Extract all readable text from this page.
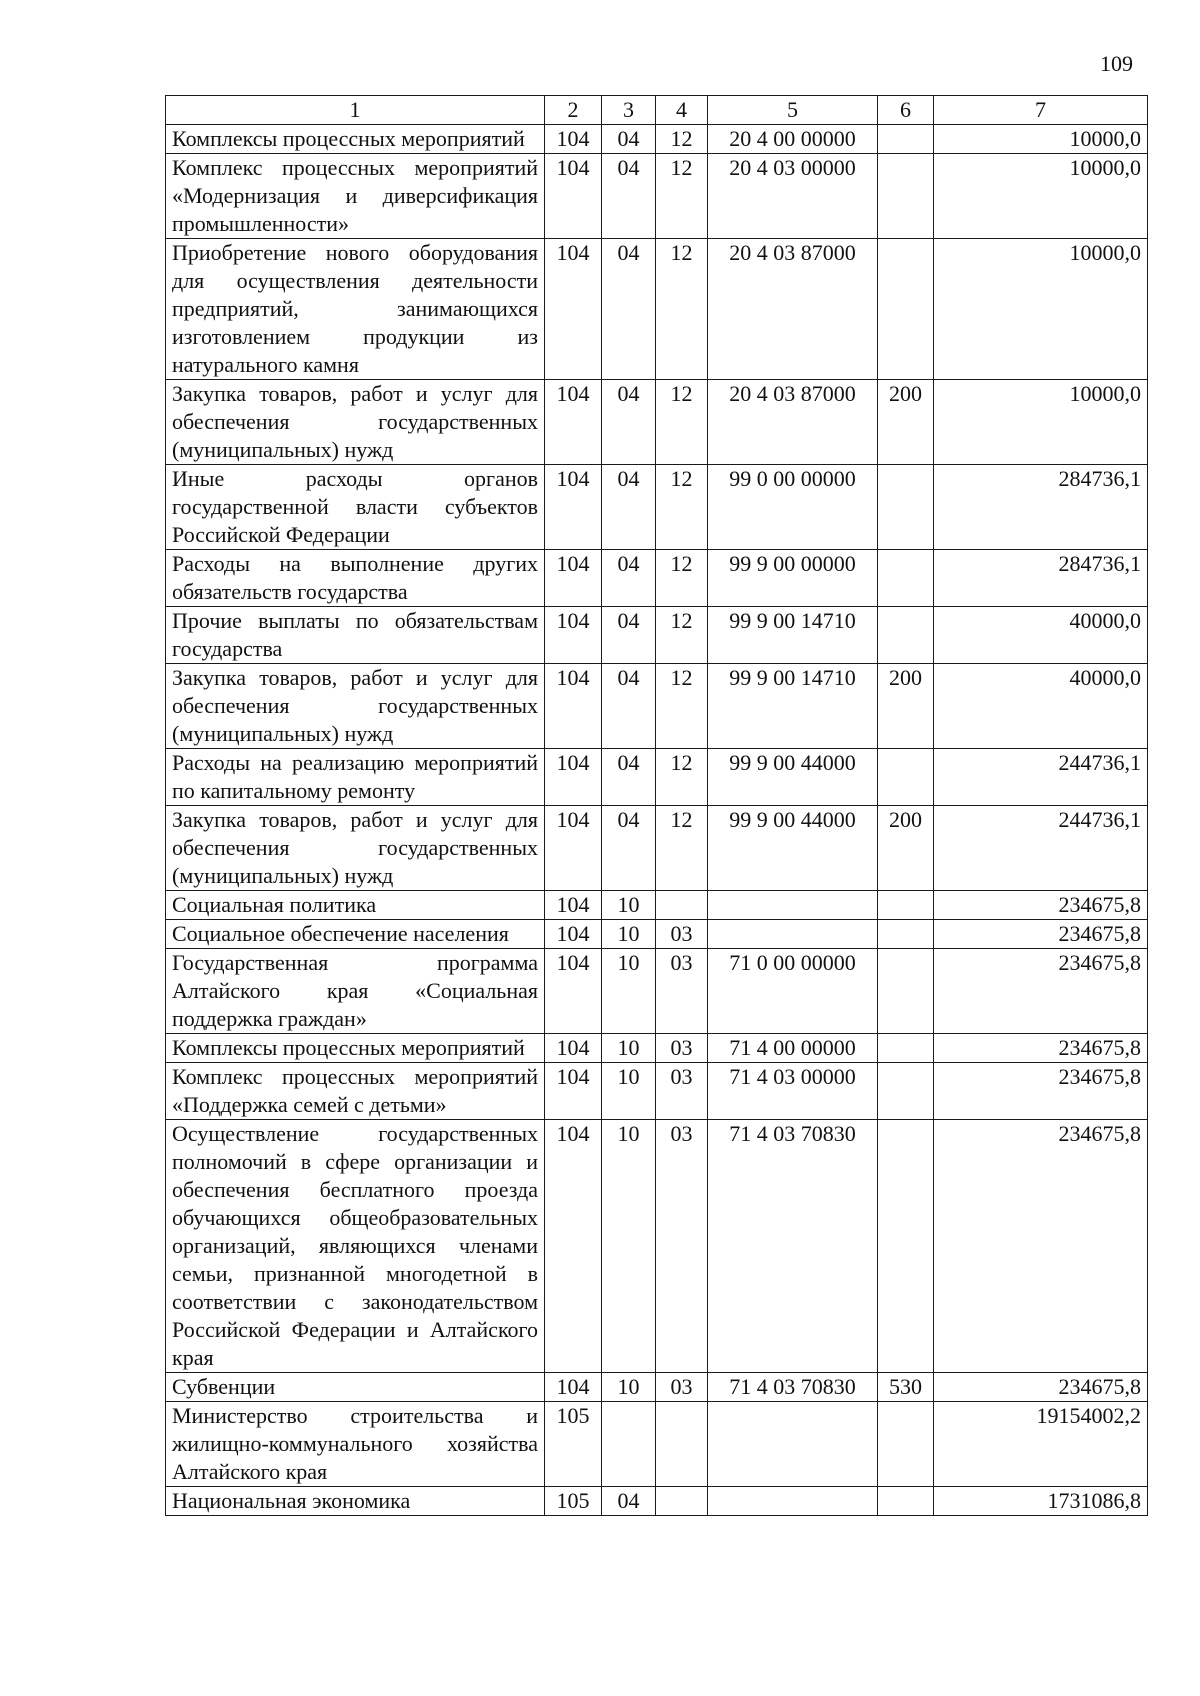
109
1	2	3	4	5	6	7
Комплексы процессных мероприятий	104	04	12	20 4 00 00000		10000,0
Комплекс процессных мероприятий «Модернизация и диверсификация промышленности»	104	04	12	20 4 03 00000		10000,0
Приобретение нового оборудования для осуществления деятельности предприятий, занимающихся изготовлением продукции из натурального камня	104	04	12	20 4 03 87000		10000,0
Закупка товаров, работ и услуг для обеспечения государственных (муниципальных) нужд	104	04	12	20 4 03 87000	200	10000,0
Иные расходы органов государственной власти субъектов Российской Федерации	104	04	12	99 0 00 00000		284736,1
Расходы на выполнение других обязательств государства	104	04	12	99 9 00 00000		284736,1
Прочие выплаты по обязательствам государства	104	04	12	99 9 00 14710		40000,0
Закупка товаров, работ и услуг для обеспечения государственных (муниципальных) нужд	104	04	12	99 9 00 14710	200	40000,0
Расходы на реализацию мероприятий по капитальному ремонту	104	04	12	99 9 00 44000		244736,1
Закупка товаров, работ и услуг для обеспечения государственных (муниципальных) нужд	104	04	12	99 9 00 44000	200	244736,1
Социальная политика	104	10				234675,8
Социальное обеспечение населения	104	10	03			234675,8
Государственная программа Алтайского края «Социальная поддержка граждан»	104	10	03	71 0 00 00000		234675,8
Комплексы процессных мероприятий	104	10	03	71 4 00 00000		234675,8
Комплекс процессных мероприятий «Поддержка семей с детьми»	104	10	03	71 4 03 00000		234675,8
Осуществление государственных полномочий в сфере организации и обеспечения бесплатного проезда обучающихся общеобразовательных организаций, являющихся членами семьи, признанной многодетной в соответствии с законодательством Российской Федерации и Алтайского края	104	10	03	71 4 03 70830		234675,8
Субвенции	104	10	03	71 4 03 70830	530	234675,8
Министерство строительства и жилищно-коммунального хозяйства Алтайского края	105					19154002,2
Национальная экономика	105	04				1731086,8
